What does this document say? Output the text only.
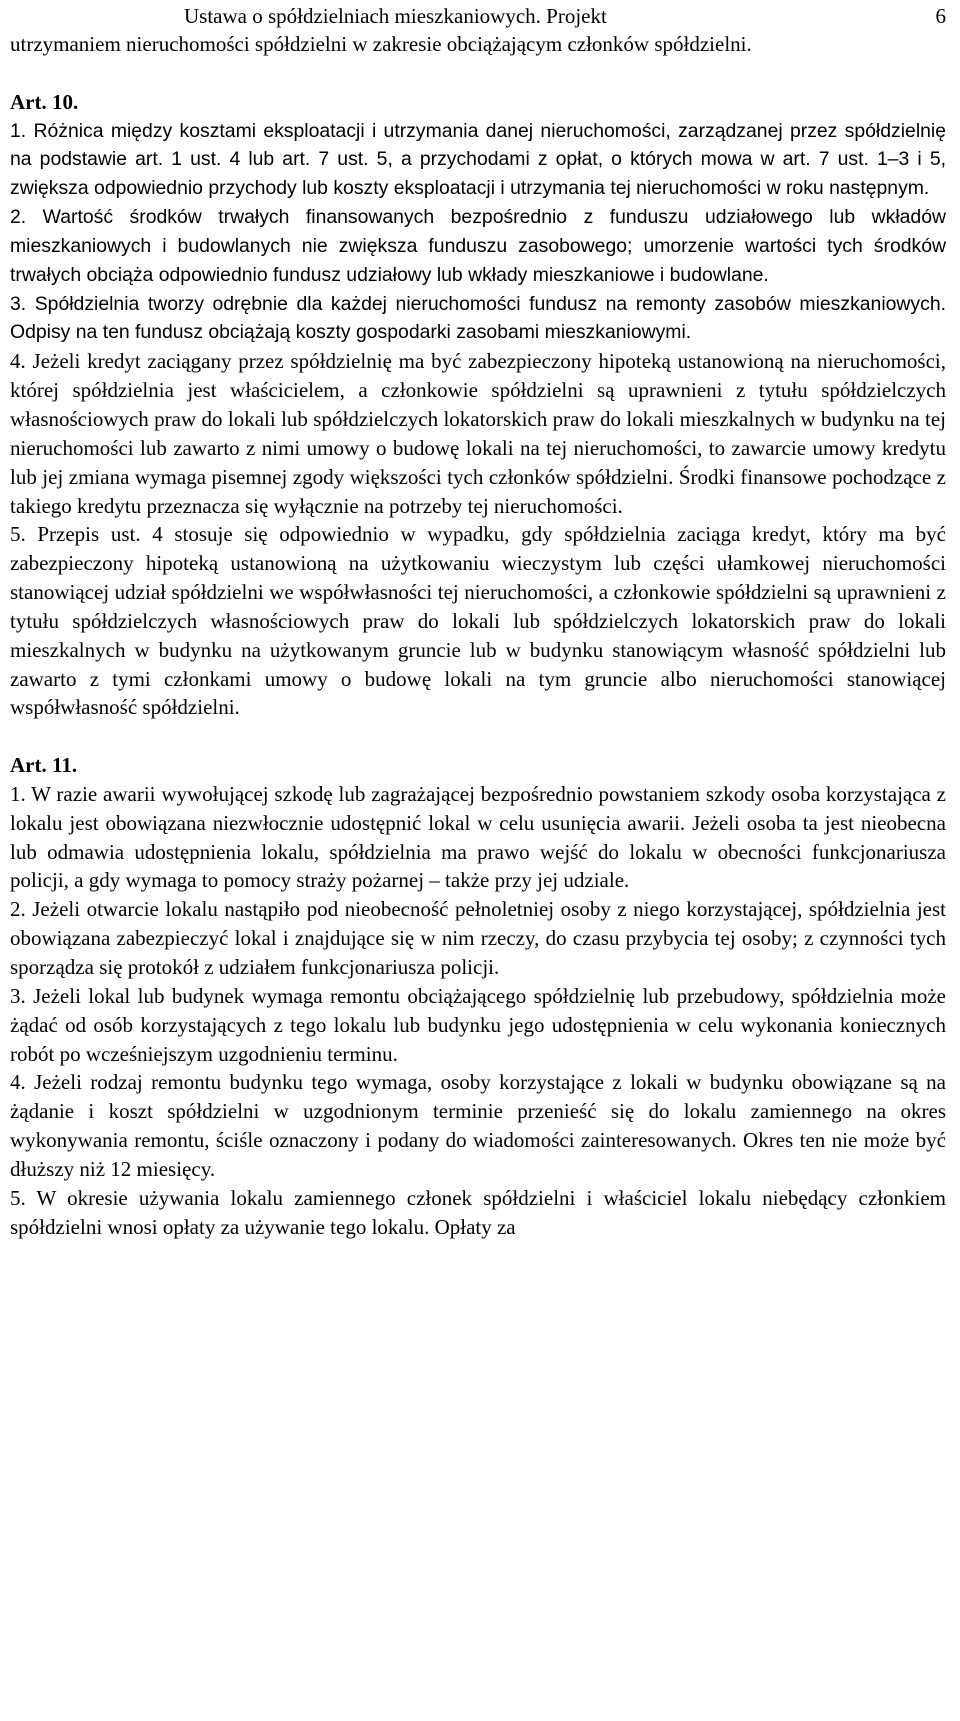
Ustawa o spółdzielniach mieszkaniowych. Projekt	6

utrzymaniem nieruchomości spółdzielni w zakresie obciążającym członków spółdzielni.

Art. 10.

1. Różnica między kosztami eksploatacji i utrzymania danej nieruchomości, zarządzanej przez spółdzielnię na podstawie art. 1 ust. 4 lub art. 7 ust. 5, a przychodami z opłat, o których mowa w art. 7 ust. 1–3 i 5, zwiększa odpowiednio przychody lub koszty eksploatacji i utrzymania tej nieruchomości w roku następnym.

2. Wartość środków trwałych finansowanych bezpośrednio z funduszu udziałowego lub wkładów mieszkaniowych i budowlanych nie zwiększa funduszu zasobowego; umorzenie wartości tych środków trwałych obciąża odpowiednio fundusz udziałowy lub wkłady mieszkaniowe i budowlane.

3. Spółdzielnia tworzy odrębnie dla każdej nieruchomości fundusz na remonty zasobów mieszkaniowych. Odpisy na ten fundusz obciążają koszty gospodarki zasobami mieszkaniowymi.

4. Jeżeli kredyt zaciągany przez spółdzielnię ma być zabezpieczony hipoteką ustanowioną na nieruchomości, której spółdzielnia jest właścicielem, a członkowie spółdzielni są uprawnieni z tytułu spółdzielczych własnościowych praw do lokali lub spółdzielczych lokatorskich praw do lokali mieszkalnych w budynku na tej nieruchomości lub zawarto z nimi umowy o budowę lokali na tej nieruchomości, to zawarcie umowy kredytu lub jej zmiana wymaga pisemnej zgody większości tych członków spółdzielni. Środki finansowe pochodzące z takiego kredytu przeznacza się wyłącznie na potrzeby tej nieruchomości.

5. Przepis ust. 4 stosuje się odpowiednio w wypadku, gdy spółdzielnia zaciąga kredyt, który ma być zabezpieczony hipoteką ustanowioną na użytkowaniu wieczystym lub części ułamkowej nieruchomości stanowiącej udział spółdzielni we współwłasności tej nieruchomości, a członkowie spółdzielni są uprawnieni z tytułu spółdzielczych własnościowych praw do lokali lub spółdzielczych lokatorskich praw do lokali mieszkalnych w budynku na użytkowanym gruncie lub w budynku stanowiącym własność spółdzielni lub zawarto z tymi członkami umowy o budowę lokali na tym gruncie albo nieruchomości stanowiącej współwłasność spółdzielni.

Art. 11.

1. W razie awarii wywołującej szkodę lub zagrażającej bezpośrednio powstaniem szkody osoba korzystająca z lokalu jest obowiązana niezwłocznie udostępnić lokal w celu usunięcia awarii. Jeżeli osoba ta jest nieobecna lub odmawia udostępnienia lokalu, spółdzielnia ma prawo wejść do lokalu w obecności funkcjonariusza policji, a gdy wymaga to pomocy straży pożarnej – także przy jej udziale.

2. Jeżeli otwarcie lokalu nastąpiło pod nieobecność pełnoletniej osoby z niego korzystającej, spółdzielnia jest obowiązana zabezpieczyć lokal i znajdujące się w nim rzeczy, do czasu przybycia tej osoby; z czynności tych sporządza się protokół z udziałem funkcjonariusza policji.

3. Jeżeli lokal lub budynek wymaga remontu obciążającego spółdzielnię lub przebudowy, spółdzielnia może żądać od osób korzystających z tego lokalu lub budynku jego udostępnienia w celu wykonania koniecznych robót po wcześniejszym uzgodnieniu terminu.

4. Jeżeli rodzaj remontu budynku tego wymaga, osoby korzystające z lokali w budynku obowiązane są na żądanie i koszt spółdzielni w uzgodnionym terminie przenieść się do lokalu zamiennego na okres wykonywania remontu, ściśle oznaczony i podany do wiadomości zainteresowanych. Okres ten nie może być dłuższy niż 12 miesięcy.

5. W okresie używania lokalu zamiennego członek spółdzielni i właściciel lokalu niebędący członkiem spółdzielni wnosi opłaty za używanie tego lokalu. Opłaty za
